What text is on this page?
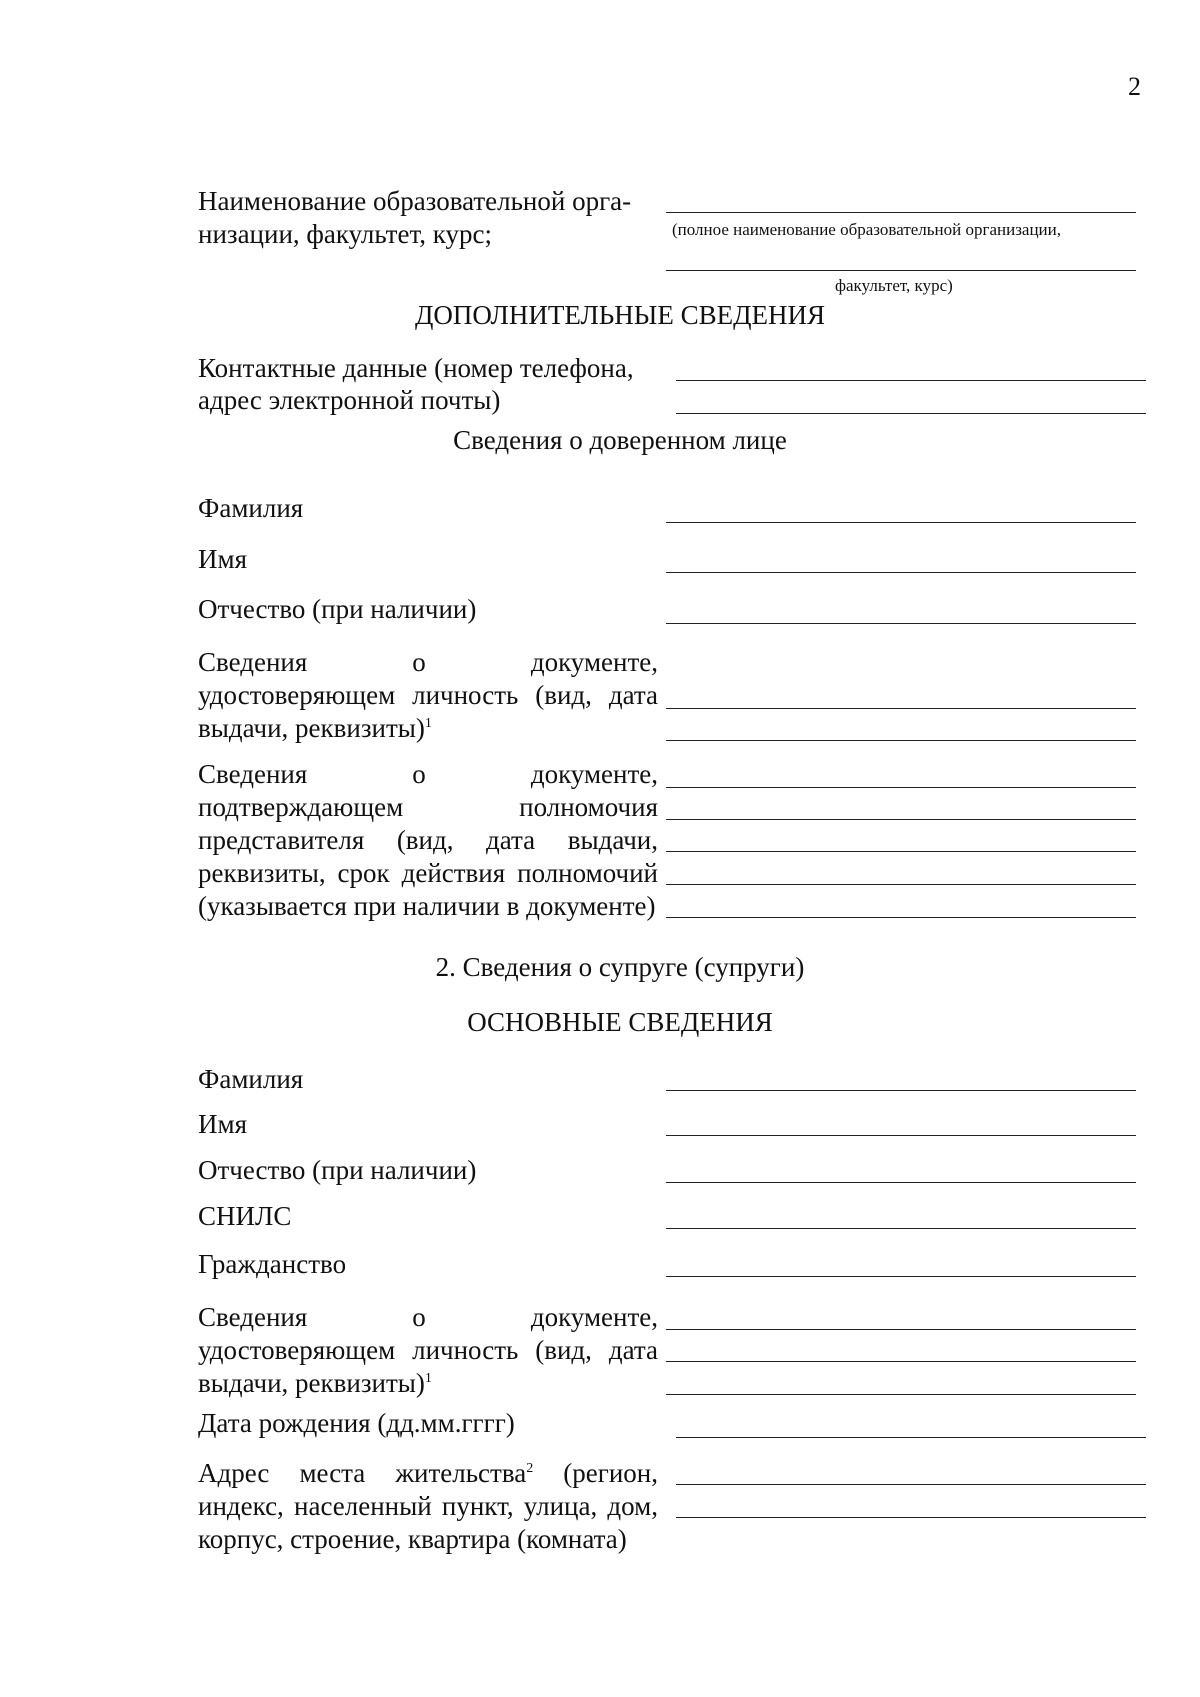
2
Наименование образовательной орга-
низации, факультет, курс;	(полное наименование образовательной организации,
факультет, курс)
ДОПОЛНИТЕЛЬНЫЕ СВЕДЕНИЯ
Контактные данные (номер телефона,
адрес электронной почты)
Сведения о доверенном лице
Фамилия
Имя
Отчество (при наличии)
Сведения о документе, удостоверяющем личность (вид, дата выдачи, реквизиты)$^1$
Сведения о документе, подтверждающем полномочия представителя (вид, дата выдачи, реквизиты, срок действия полномочий (указывается при наличии в документе)
2. Сведения о супруге (супруги)
ОСНОВНЫЕ СВЕДЕНИЯ
Фамилия
Имя
Отчество (при наличии)
СНИЛС
Гражданство
Сведения о документе, удостоверяющем личность (вид, дата выдачи, реквизиты)$^1$
Дата рождения (дд.мм.гггг)
Адрес места жительства$^2$ (регион, индекс, населенный пункт, улица, дом, корпус, строение, квартира (комната)
